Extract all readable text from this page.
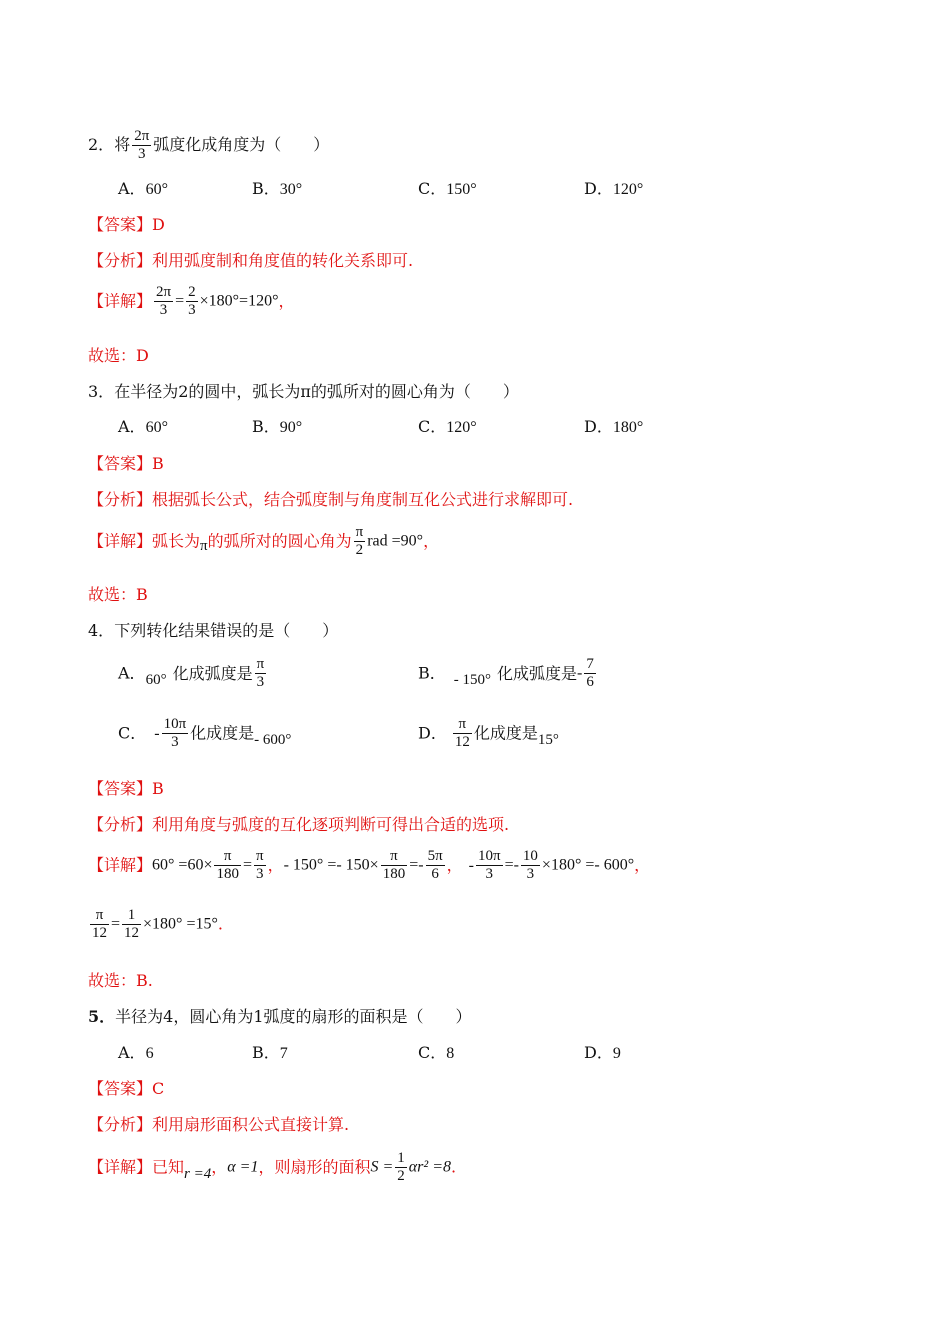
2．将 $\frac{2\pi}{3}$ 弧度化成角度为（　　）
A．60°	B．30°	C．150°	D．120°
【答案】D
【分析】利用弧度制和角度值的转化关系即可.
【详解】 $\frac{2\pi}{3} = \frac{2}{3} \times 180^\circ=120^\circ$，
故选：D
3．在半径为2的圆中，弧长为π的弧所对的圆心角为（　　）
A．60°	B．90°	C．120°	D．180°
【答案】B
【分析】根据弧长公式，结合弧度制与角度制互化公式进行求解即可.
【详解】弧长为π的弧所对的圆心角为 $\frac{\pi}{2}$ rad =90°，
故选：B
4．下列转化结果错误的是（　　）
A．60° 化成弧度是 $\frac{\pi}{3}$	B． - 150° 化成弧度是- $\frac{7}{6}$
C． - $\frac{10\pi}{3}$ 化成度是- 600°	D． $\frac{\pi}{12}$ 化成度是15°
【答案】B
【分析】利用角度与弧度的互化逐项判断可得出合适的选项.
【详解】$60^\circ =60\times \frac{\pi}{180} = \frac{\pi}{3}$ ，- $150^\circ =- 150\times \frac{\pi}{180} =- \frac{5\pi}{6}$ ， - $\frac{10\pi}{3} =- \frac{10}{3} \times 180^\circ =- 600^\circ$，
$\frac{\pi}{12} = \frac{1}{12} \times 180^\circ =15^\circ$.
故选：B.
5．半径为4，圆心角为1弧度的扇形的面积是（　　）
A．6	B．7	C．8	D．9
【答案】C
【分析】利用扇形面积公式直接计算.
【详解】已知r =4，α =1，则扇形的面积$S = \frac{1}{2} \alpha r^2 =8$.
